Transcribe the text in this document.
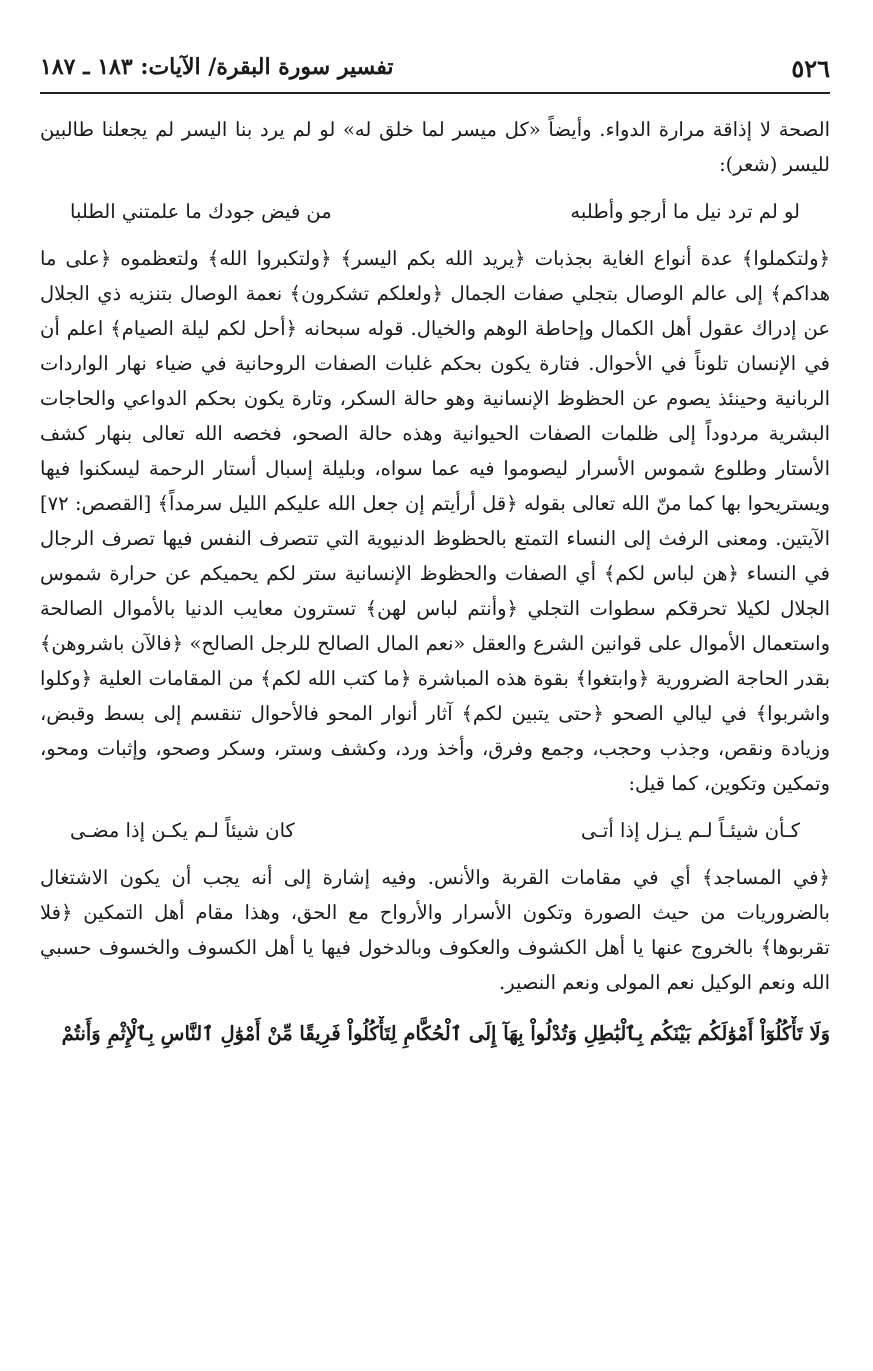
٥٢٦
تفسير سورة البقرة/ الآيات: ١٨٣ ـ ١٨٧

الصحة لا إذاقة مرارة الدواء. وأيضاً «كل ميسر لما خلق له» لو لم يرد بنا اليسر لم يجعلنا طالبين لليسر (شعر):

لو لم ترد نيل ما أرجو وأطلبه
من فيض جودك ما علمتني الطلبا

﴿ولتكملوا﴾ عدة أنواع الغاية بجذبات ﴿يريد الله بكم اليسر﴾ ﴿ولتكبروا الله﴾ ولتعظموه ﴿على ما هداكم﴾ إلى عالم الوصال بتجلي صفات الجمال ﴿ولعلكم تشكرون﴾ نعمة الوصال بتنزيه ذي الجلال عن إدراك عقول أهل الكمال وإحاطة الوهم والخيال. قوله سبحانه ﴿أحل لكم ليلة الصيام﴾ اعلم أن في الإنسان تلوناً في الأحوال. فتارة يكون بحكم غلبات الصفات الروحانية في ضياء نهار الواردات الربانية وحينئذ يصوم عن الحظوظ الإنسانية وهو حالة السكر، وتارة يكون بحكم الدواعي والحاجات البشرية مردوداً إلى ظلمات الصفات الحيوانية وهذه حالة الصحو، فخصه الله تعالى بنهار كشف الأستار وطلوع شموس الأسرار ليصوموا فيه عما سواه، وبليلة إسبال أستار الرحمة ليسكنوا فيها ويستريحوا بها كما منّ الله تعالى بقوله ﴿قل أرأيتم إن جعل الله عليكم الليل سرمداً﴾ [القصص: ٧٢] الآيتين. ومعنى الرفث إلى النساء التمتع بالحظوظ الدنيوية التي تتصرف النفس فيها تصرف الرجال في النساء ﴿هن لباس لكم﴾ أي الصفات والحظوظ الإنسانية ستر لكم يحميكم عن حرارة شموس الجلال لكيلا تحرقكم سطوات التجلي ﴿وأنتم لباس لهن﴾ تسترون معايب الدنيا بالأموال الصالحة واستعمال الأموال على قوانين الشرع والعقل «نعم المال الصالح للرجل الصالح» ﴿فالآن باشروهن﴾ بقدر الحاجة الضرورية ﴿وابتغوا﴾ بقوة هذه المباشرة ﴿ما كتب الله لكم﴾ من المقامات العلية ﴿وكلوا واشربوا﴾ في ليالي الصحو ﴿حتى يتبين لكم﴾ آثار أنوار المحو فالأحوال تنقسم إلى بسط وقبض، وزيادة ونقص، وجذب وحجب، وجمع وفرق، وأخذ ورد، وكشف وستر، وسكر وصحو، وإثبات ومحو، وتمكين وتكوين، كما قيل:

كـأن شيئـاً لـم يـزل إذا أتـى
كان شيئاً لـم يكـن إذا مضـى

﴿في المساجد﴾ أي في مقامات القربة والأنس. وفيه إشارة إلى أنه يجب أن يكون الاشتغال بالضروريات من حيث الصورة وتكون الأسرار والأرواح مع الحق، وهذا مقام أهل التمكين ﴿فلا تقربوها﴾ بالخروج عنها يا أهل الكشوف والعكوف وبالدخول فيها يا أهل الكسوف والخسوف حسبي الله ونعم الوكيل نعم المولى ونعم النصير.

وَلَا تَأْكُلُوٓاْ أَمْوَٰلَكُم بَيْنَكُم بِٱلْبَٰطِلِ وَتُدْلُواْ بِهَآ إِلَى ٱلْحُكَّامِ لِتَأْكُلُواْ فَرِيقًا مِّنْ أَمْوَٰلِ ٱلنَّاسِ بِٱلْإِثْمِ وَأَنتُمْ
